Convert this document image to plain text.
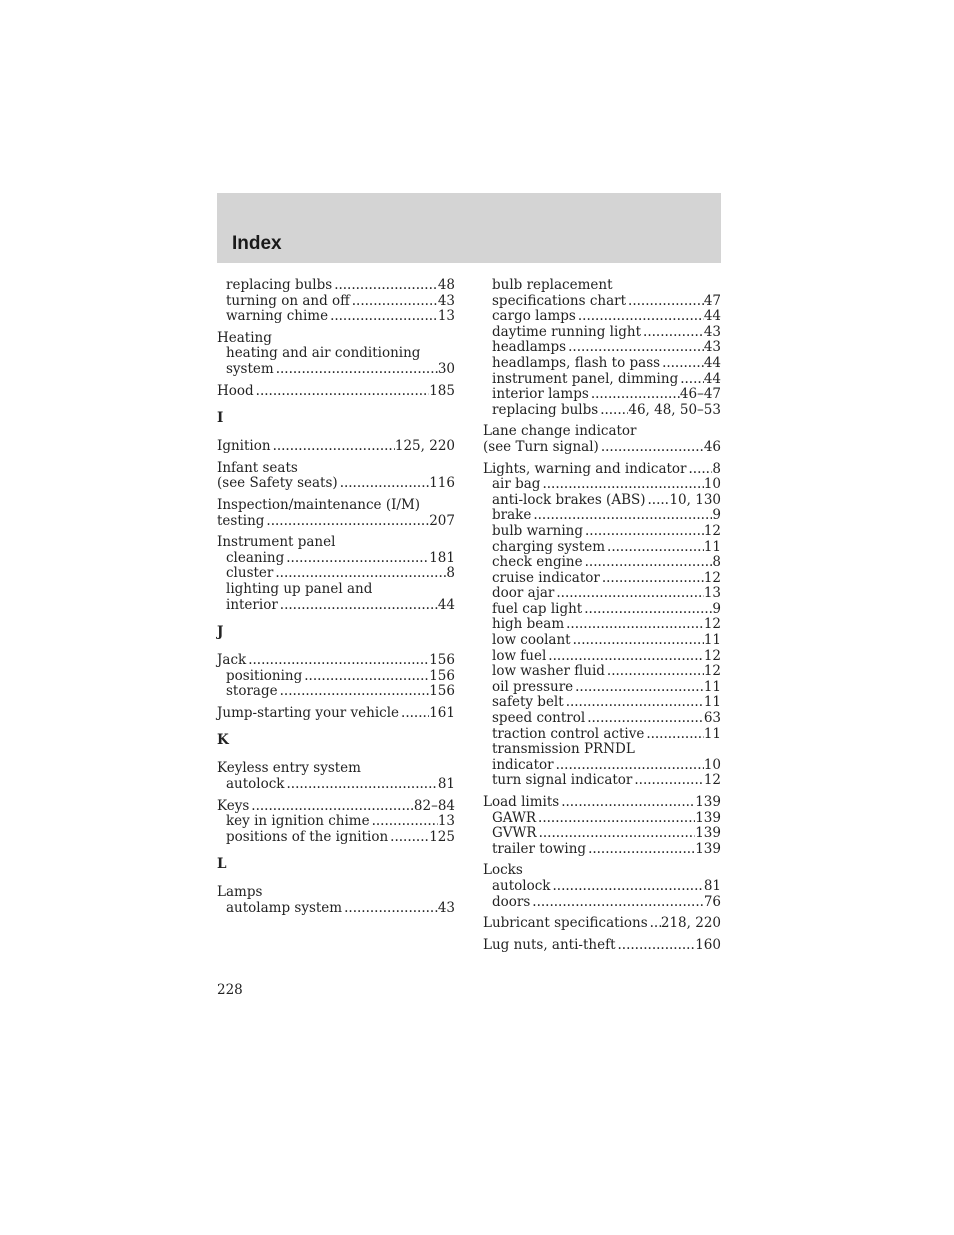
Index
replacing bulbs .....	48
turning on and off .....	43
warning chime .....	13
Heating
heating and air conditioning
system .....	30
Hood .....	185
I
Ignition .....	125, 220
Infant seats
(see Safety seats) .....	116
Inspection/maintenance (I/M)
testing .....	207
Instrument panel
cleaning .....	181
cluster .....	8
lighting up panel and
interior .....	44
J
Jack .....	156
positioning .....	156
storage .....	156
Jump-starting your vehicle ..... 161
K
Keyless entry system
autolock .....	81
Keys .....	82–84
key in ignition chime .....	13
positions of the ignition .....	125
L
Lamps
autolamp system .....	43
bulb replacement
specifications chart .....	47
cargo lamps .....	44
daytime running light .....	43
headlamps .....	43
headlamps, flash to pass .....	44
instrument panel, dimming ..... 44
interior lamps .....	46–47
replacing bulbs ..... 46, 48, 50–53
Lane change indicator
(see Turn signal) .....	46
Lights, warning and indicator ..... 8
air bag .....	10
anti-lock brakes (ABS) ..... 10, 130
brake .....	9
bulb warning .....	12
charging system .....	11
check engine .....	8
cruise indicator .....	12
door ajar .....	13
fuel cap light .....	9
high beam .....	12
low coolant .....	11
low fuel .....	12
low washer fluid .....	12
oil pressure .....	11
safety belt .....	11
speed control .....	63
traction control active .....	11
transmission PRNDL
indicator .....	10
turn signal indicator .....	12
Load limits .....	139
GAWR .....	139
GVWR .....	139
trailer towing .....	139
Locks
autolock .....	81
doors .....	76
Lubricant specifications ..... 218, 220
Lug nuts, anti-theft .....	160
228
